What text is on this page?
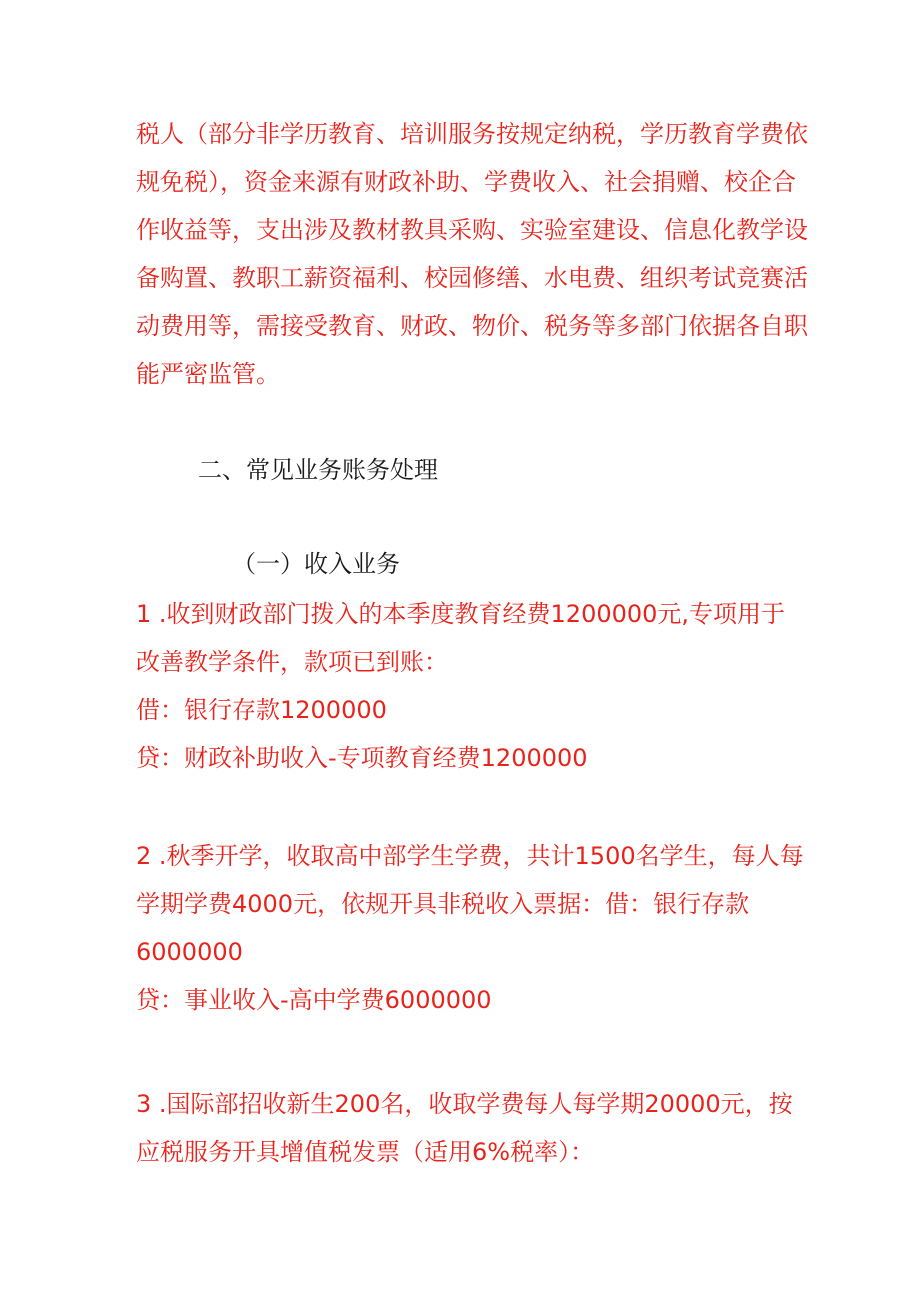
税人（部分非学历教育、培训服务按规定纳税，学历教育学费依
规免税），资金来源有财政补助、学费收入、社会捐赠、校企合
作收益等，支出涉及教材教具采购、实验室建设、信息化教学设
备购置、教职工薪资福利、校园修缮、水电费、组织考试竞赛活
动费用等，需接受教育、财政、物价、税务等多部门依据各自职
能严密监管。
二、常见业务账务处理
（一）收入业务
1 .收到财政部门拨入的本季度教育经费1200000元,专项用于
改善教学条件，款项已到账：
借：银行存款1200000
贷：财政补助收入-专项教育经费1200000
2 .秋季开学，收取高中部学生学费，共计1500名学生，每人每
学期学费4000元，依规开具非税收入票据：借：银行存款
6000000
贷：事业收入-高中学费6000000
3 .国际部招收新生200名，收取学费每人每学期20000元，按
应税服务开具增值税发票（适用6%税率）：
